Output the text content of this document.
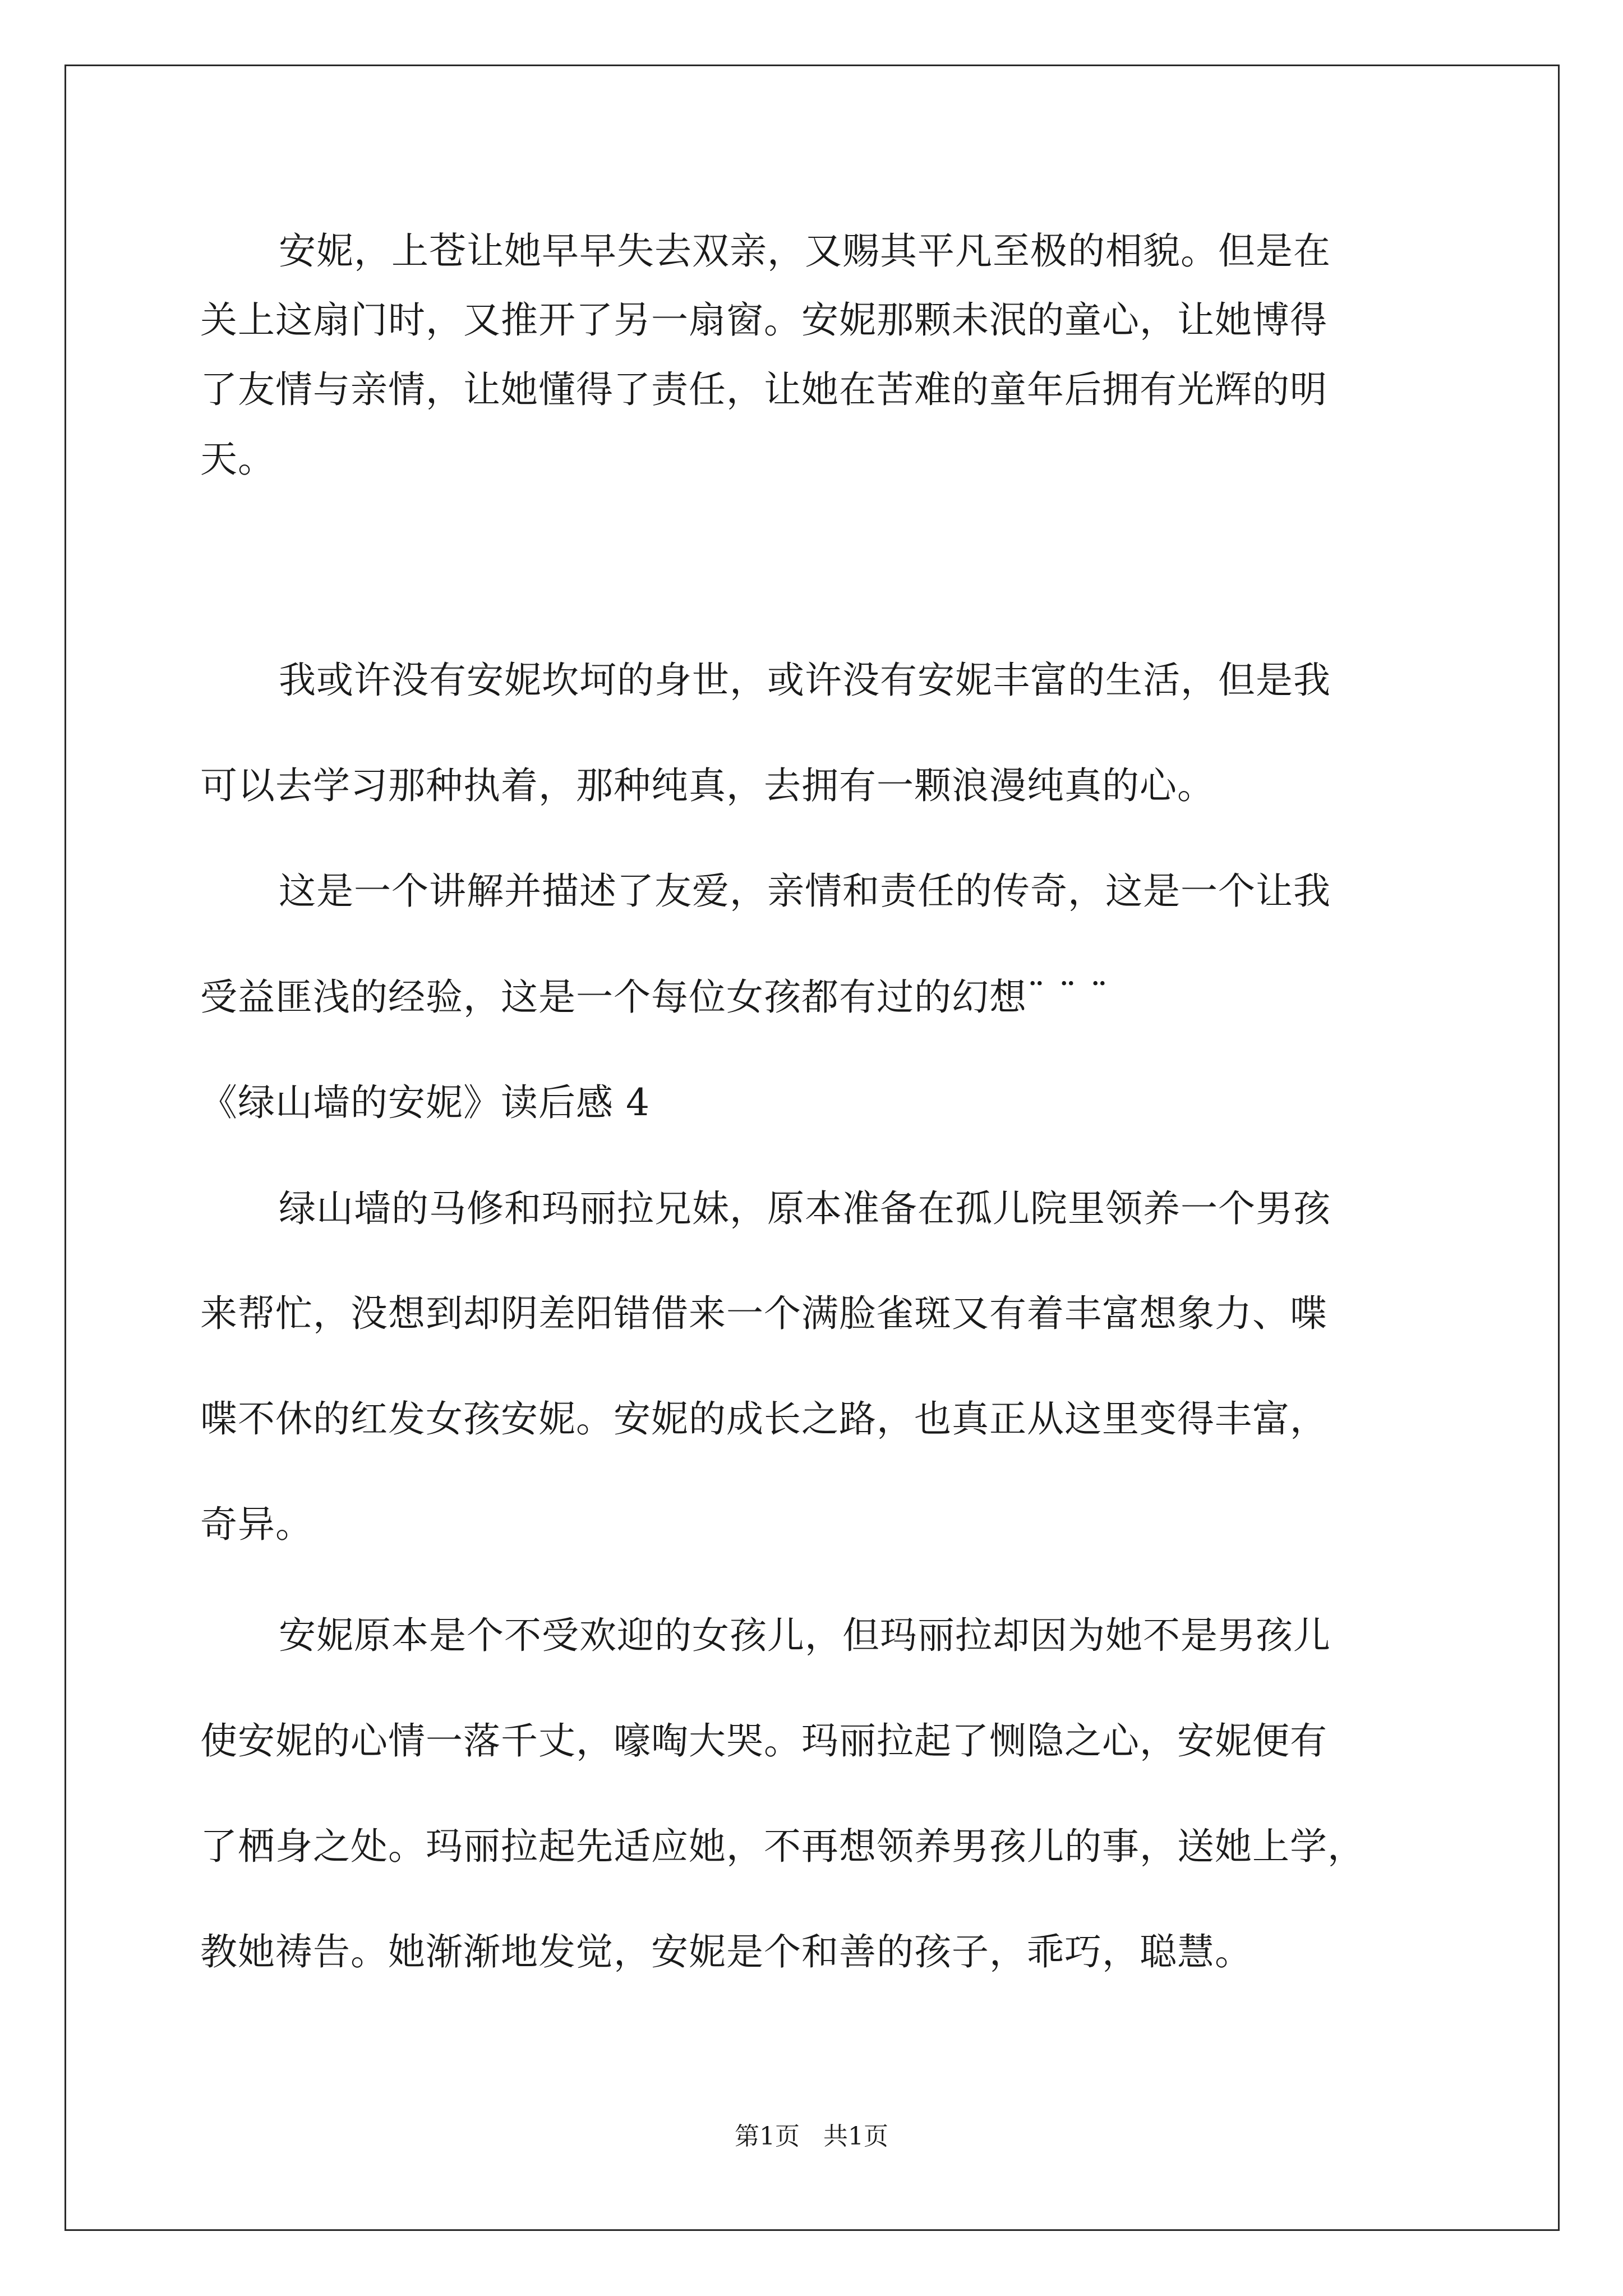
安妮，上苍让她早早失去双亲，又赐其平凡至极的相貌。但是在
关上这扇门时，又推开了另一扇窗。安妮那颗未泯的童心，让她博得
了友情与亲情，让她懂得了责任，让她在苦难的童年后拥有光辉的明
天。
我或许没有安妮坎坷的身世，或许没有安妮丰富的生活，但是我
可以去学习那种执着，那种纯真，去拥有一颗浪漫纯真的心。
这是一个讲解并描述了友爱，亲情和责任的传奇，这是一个让我
受益匪浅的经验，这是一个每位女孩都有过的幻想¨ ¨ ¨
《绿山墙的安妮》读后感 4
绿山墙的马修和玛丽拉兄妹，原本准备在孤儿院里领养一个男孩
来帮忙，没想到却阴差阳错借来一个满脸雀斑又有着丰富想象力、喋
喋不休的红发女孩安妮。安妮的成长之路，也真正从这里变得丰富，
奇异。
安妮原本是个不受欢迎的女孩儿，但玛丽拉却因为她不是男孩儿
使安妮的心情一落千丈，嚎啕大哭。玛丽拉起了恻隐之心，安妮便有
了栖身之处。玛丽拉起先适应她，不再想领养男孩儿的事，送她上学，
教她祷告。她渐渐地发觉，安妮是个和善的孩子，乖巧，聪慧。
第1页   共1页
